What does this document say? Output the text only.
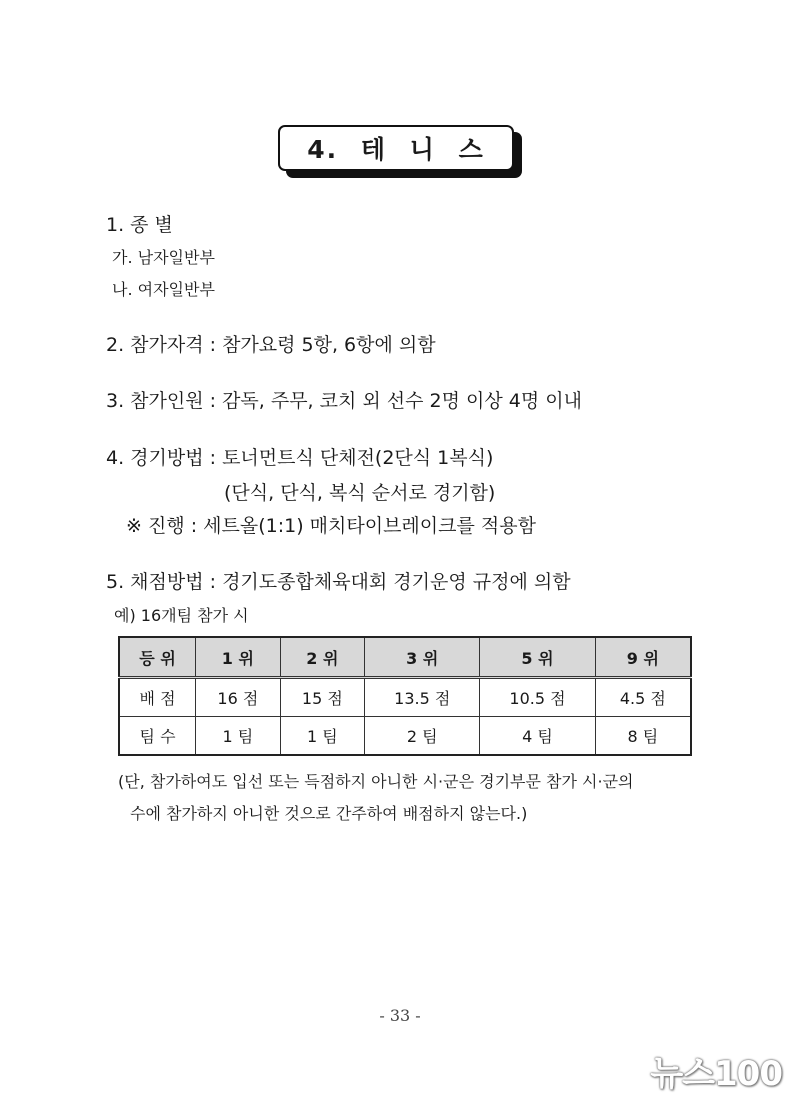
4. 테 니 스
1. 종 별
가. 남자일반부
나. 여자일반부
2. 참가자격 : 참가요령 5항, 6항에 의함
3. 참가인원 : 감독, 주무, 코치 외 선수 2명 이상 4명 이내
4. 경기방법 : 토너먼트식 단체전(2단식 1복식)
(단식, 단식, 복식 순서로 경기함)
※ 진행 : 세트올(1:1) 매치타이브레이크를 적용함
5. 채점방법 : 경기도종합체육대회 경기운영 규정에 의함
예) 16개팀 참가 시
등 위	1 위	2 위	3 위	5 위	9 위
배 점	16 점	15 점	13.5 점	10.5 점	4.5 점
팀 수	1 팀	1 팀	2 팀	4 팀	8 팀
(단, 참가하여도 입선 또는 득점하지 아니한 시·군은 경기부문 참가 시·군의
수에 참가하지 아니한 것으로 간주하여 배점하지 않는다.)
- 33 -
뉴스100
